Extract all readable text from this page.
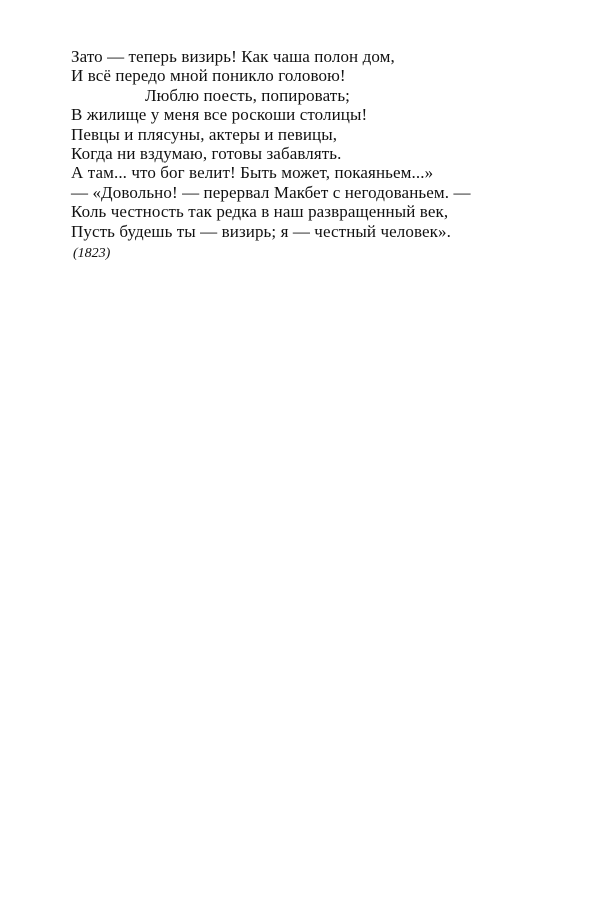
Зато — теперь визирь! Как чаша полон дом,
И всё передо мной поникло головою!
Люблю поесть, попировать;
В жилище у меня все роскоши столицы!
Певцы и плясуны, актеры и певицы,
Когда ни вздумаю, готовы забавлять.
А там... что бог велит! Быть может, покаяньем...»
— «Довольно! — перервал Макбет с негодованьем. —
Коль честность так редка в наш развращенный век,
Пусть будешь ты — визирь; я — честный человек».
(1823)
